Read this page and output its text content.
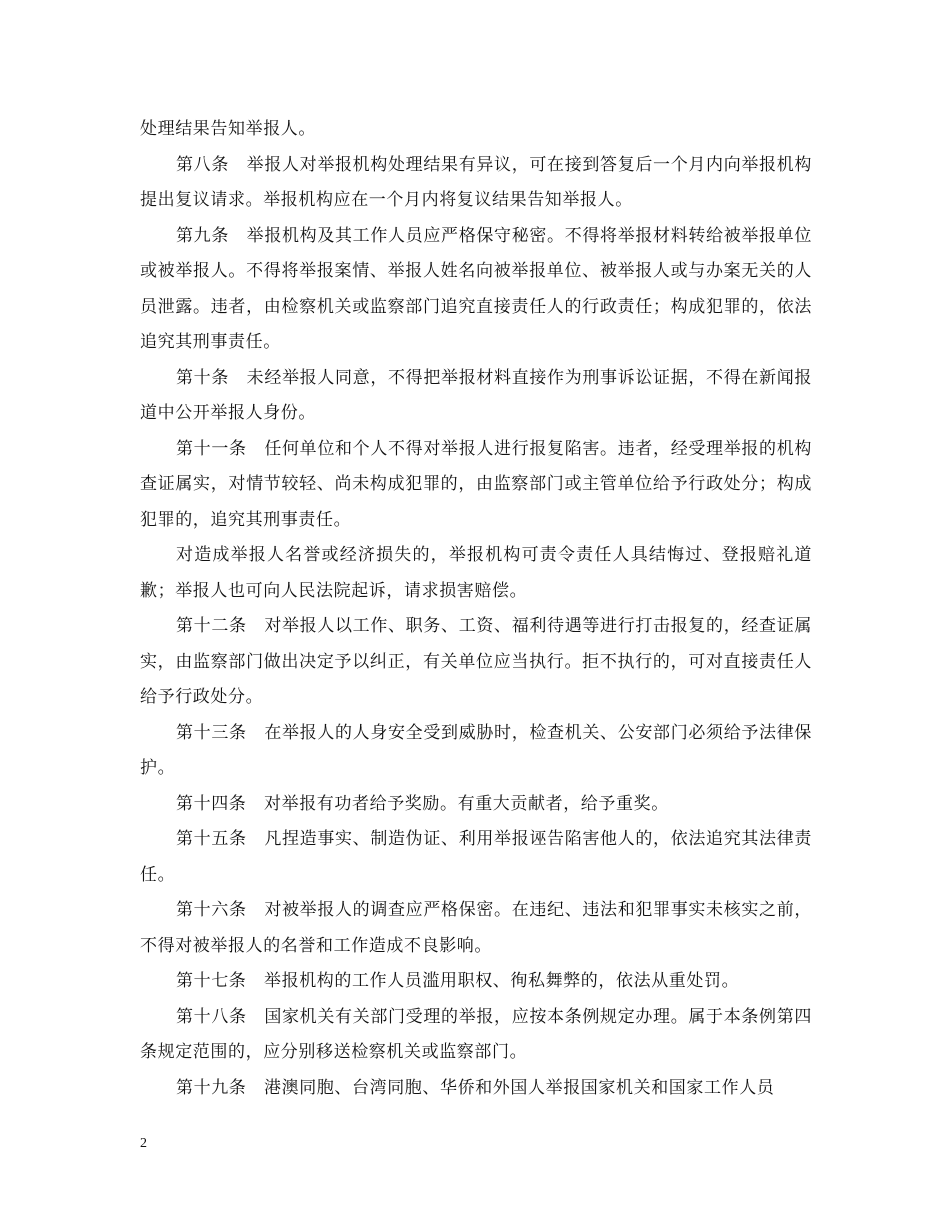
处理结果告知举报人。

第八条　举报人对举报机构处理结果有异议，可在接到答复后一个月内向举报机构提出复议请求。举报机构应在一个月内将复议结果告知举报人。

第九条　举报机构及其工作人员应严格保守秘密。不得将举报材料转给被举报单位或被举报人。不得将举报案情、举报人姓名向被举报单位、被举报人或与办案无关的人员泄露。违者，由检察机关或监察部门追究直接责任人的行政责任；构成犯罪的，依法追究其刑事责任。

第十条　未经举报人同意，不得把举报材料直接作为刑事诉讼证据，不得在新闻报道中公开举报人身份。

第十一条　任何单位和个人不得对举报人进行报复陷害。违者，经受理举报的机构查证属实，对情节较轻、尚未构成犯罪的，由监察部门或主管单位给予行政处分；构成犯罪的，追究其刑事责任。

对造成举报人名誉或经济损失的，举报机构可责令责任人具结悔过、登报赔礼道歉；举报人也可向人民法院起诉，请求损害赔偿。

第十二条　对举报人以工作、职务、工资、福利待遇等进行打击报复的，经查证属实，由监察部门做出决定予以纠正，有关单位应当执行。拒不执行的，可对直接责任人给予行政处分。

第十三条　在举报人的人身安全受到威胁时，检查机关、公安部门必须给予法律保护。

第十四条　对举报有功者给予奖励。有重大贡献者，给予重奖。

第十五条　凡捏造事实、制造伪证、利用举报诬告陷害他人的，依法追究其法律责任。

第十六条　对被举报人的调查应严格保密。在违纪、违法和犯罪事实未核实之前，不得对被举报人的名誉和工作造成不良影响。

第十七条　举报机构的工作人员滥用职权、徇私舞弊的，依法从重处罚。

第十八条　国家机关有关部门受理的举报，应按本条例规定办理。属于本条例第四条规定范围的，应分别移送检察机关或监察部门。

第十九条　港澳同胞、台湾同胞、华侨和外国人举报国家机关和国家工作人员

2
